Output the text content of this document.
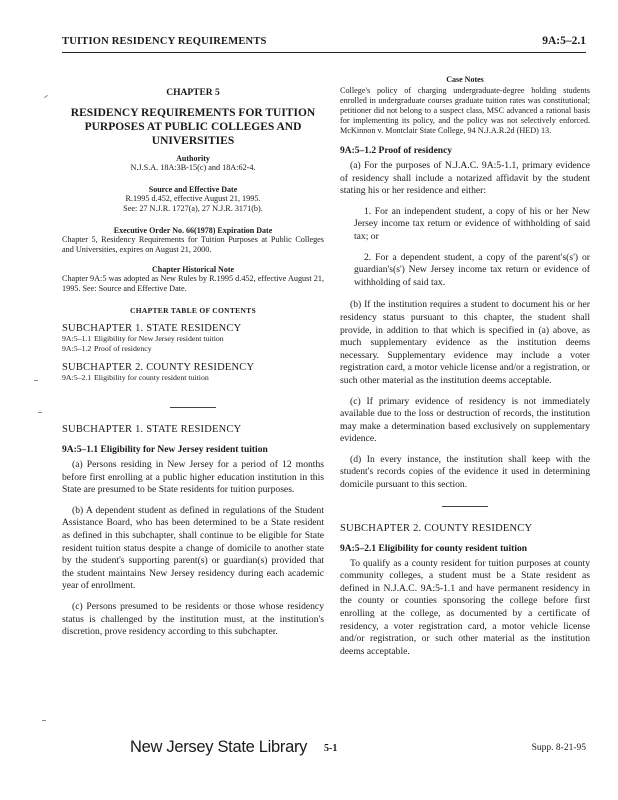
TUITION RESIDENCY REQUIREMENTS	9A:5–2.1
CHAPTER 5
RESIDENCY REQUIREMENTS FOR TUITION
PURPOSES AT PUBLIC COLLEGES AND
UNIVERSITIES
Authority
N.J.S.A. 18A:3B-15(c) and 18A:62-4.
Source and Effective Date
R.1995 d.452, effective August 21, 1995.
See: 27 N.J.R. 1727(a), 27 N.J.R. 3171(b).
Executive Order No. 66(1978) Expiration Date
Chapter 5, Residency Requirements for Tuition Purposes at Public Colleges and Universities, expires on August 21, 2000.
Chapter Historical Note
Chapter 9A:5 was adopted as New Rules by R.1995 d.452, effective August 21, 1995. See: Source and Effective Date.
CHAPTER TABLE OF CONTENTS
SUBCHAPTER 1. STATE RESIDENCY
9A:5–1.1 Eligibility for New Jersey resident tuition
9A:5–1.2 Proof of residency
SUBCHAPTER 2. COUNTY RESIDENCY
9A:5–2.1 Eligibility for county resident tuition
SUBCHAPTER 1. STATE RESIDENCY
9A:5–1.1 Eligibility for New Jersey resident tuition

(a) Persons residing in New Jersey for a period of 12 months before first enrolling at a public higher education institution in this State are presumed to be State residents for tuition purposes.

(b) A dependent student as defined in regulations of the Student Assistance Board, who has been determined to be a State resident as defined in this subchapter, shall continue to be eligible for State resident tuition status despite a change of domicile to another state by the student's supporting parent(s) or guardian(s) provided that the student maintains New Jersey residency during each academic year of enrollment.

(c) Persons presumed to be residents or those whose residency status is challenged by the institution must, at the institution's discretion, prove residency according to this subchapter.

Case Notes
College's policy of charging undergraduate-degree holding students enrolled in undergraduate courses graduate tuition rates was constitutional; petitioner did not belong to a suspect class, MSC advanced a rational basis for implementing its policy, and the policy was not selectively enforced. McKinnon v. Montclair State College, 94 N.J.A.R.2d (HED) 13.
9A:5–1.2 Proof of residency

(a) For the purposes of N.J.A.C. 9A:5-1.1, primary evidence of residency shall include a notarized affidavit by the student stating his or her residence and either:

1. For an independent student, a copy of his or her New Jersey income tax return or evidence of withholding of said tax; or

2. For a dependent student, a copy of the parent's(s') or guardian's(s') New Jersey income tax return or evidence of withholding of said tax.

(b) If the institution requires a student to document his or her residency status pursuant to this chapter, the student shall provide, in addition to that which is specified in (a) above, as much supplementary evidence as the institution deems necessary. Supplementary evidence may include a voter registration card, a motor vehicle license and/or a registration, or such other material as the institution deems acceptable.

(c) If primary evidence of residency is not immediately available due to the loss or destruction of records, the institution may make a determination based exclusively on supplementary evidence.

(d) In every instance, the institution shall keep with the student's records copies of the evidence it used in determining domicile pursuant to this section.

SUBCHAPTER 2. COUNTY RESIDENCY
9A:5–2.1 Eligibility for county resident tuition

To qualify as a county resident for tuition purposes at county community colleges, a student must be a State resident as defined in N.J.A.C. 9A:5-1.1 and have permanent residency in the county or counties sponsoring the college before first enrolling at the college, as documented by a certificate of residency, a voter registration card, a motor vehicle license and/or registration, or such other material as the institution deems acceptable.

New Jersey State Library 5-1	Supp. 8-21-95
